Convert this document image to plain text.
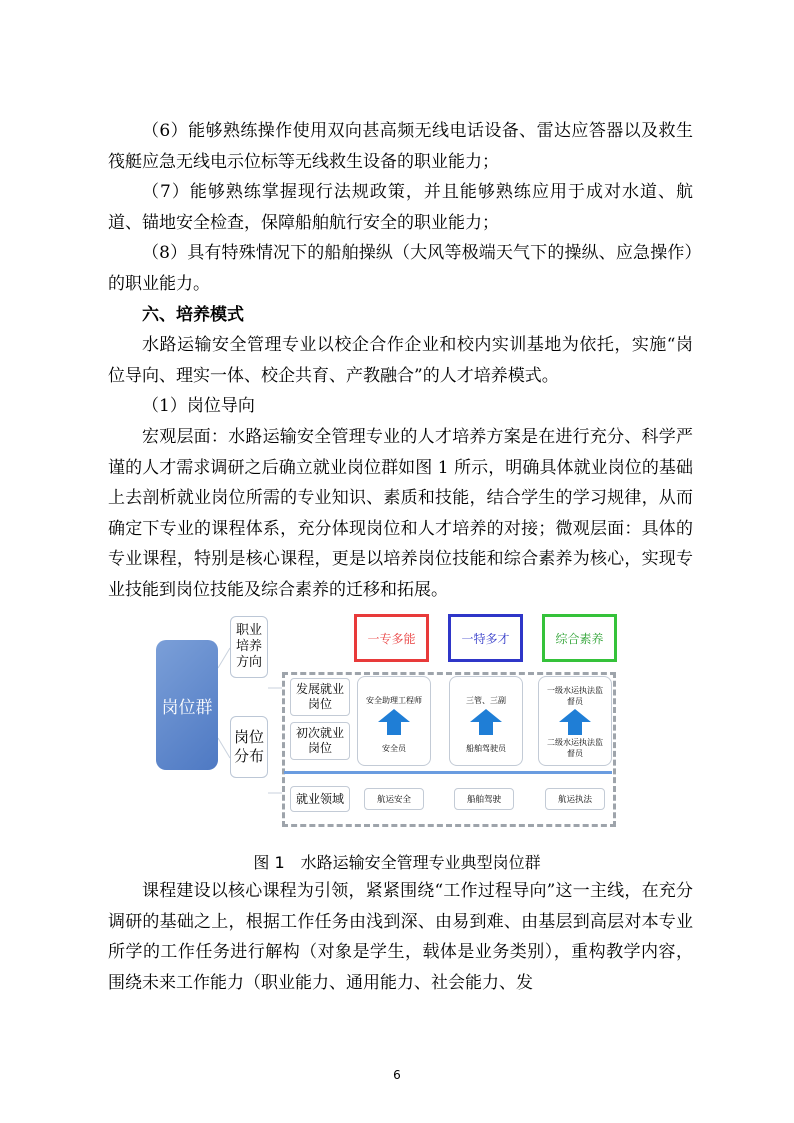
（6）能够熟练操作使用双向甚高频无线电话设备、雷达应答器以及救生筏艇应急无线电示位标等无线救生设备的职业能力；

（7）能够熟练掌握现行法规政策，并且能够熟练应用于成对水道、航道、锚地安全检查，保障船舶航行安全的职业能力；

（8）具有特殊情况下的船舶操纵（大风等极端天气下的操纵、应急操作）的职业能力。

六、培养模式

水路运输安全管理专业以校企合作企业和校内实训基地为依托，实施“岗位导向、理实一体、校企共育、产教融合”的人才培养模式。

（1）岗位导向

宏观层面：水路运输安全管理专业的人才培养方案是在进行充分、科学严谨的人才需求调研之后确立就业岗位群如图 1 所示，明确具体就业岗位的基础上去剖析就业岗位所需的专业知识、素质和技能，结合学生的学习规律，从而确定下专业的课程体系，充分体现岗位和人才培养的对接；微观层面：具体的专业课程，特别是核心课程，更是以培养岗位技能和综合素养为核心，实现专业技能到岗位技能及综合素养的迁移和拓展。

岗位群
职业培养方向
岗位分布
一专多能	一特多才	综合素养
发展就业岗位
初次就业岗位
就业领域
安全助理工程师
安全员
三管、三副
船舶驾驶员
一级水运执法监督员
二级水运执法监督员
航运安全	船舶驾驶	航运执法
图 1　水路运输安全管理专业典型岗位群

课程建设以核心课程为引领，紧紧围绕“工作过程导向”这一主线，在充分调研的基础之上，根据工作任务由浅到深、由易到难、由基层到高层对本专业所学的工作任务进行解构（对象是学生，载体是业务类别），重构教学内容，围绕未来工作能力（职业能力、通用能力、社会能力、发

6
